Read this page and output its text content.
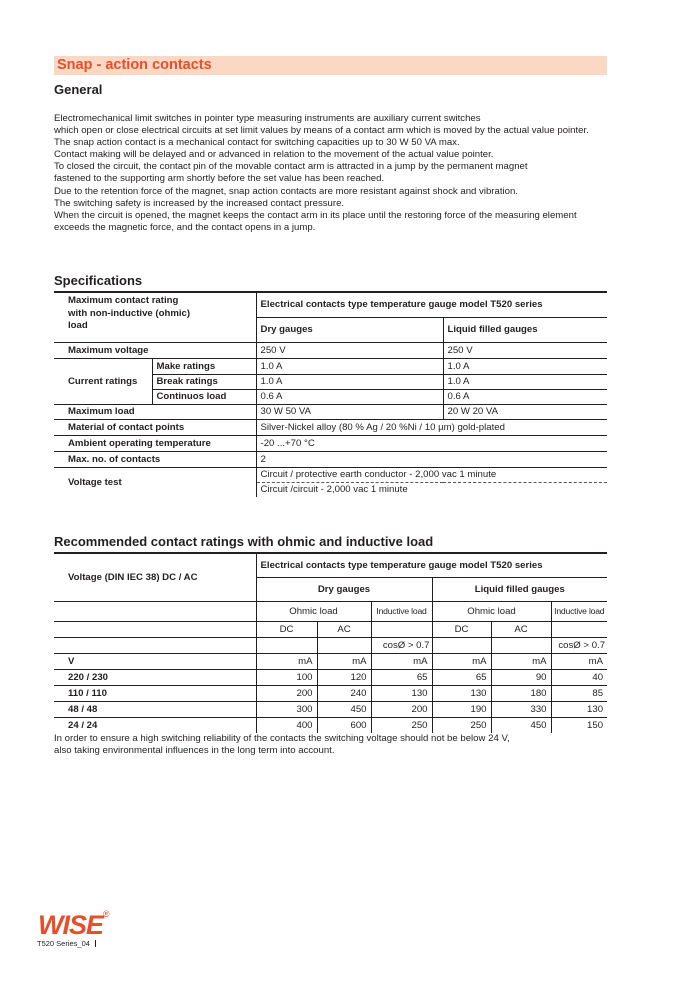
Snap - action contacts
General

Electromechanical limit switches in pointer type measuring instruments are auxiliary current switches

which open or close electrical circuits at set limit values by means of a contact arm which is moved by the actual value pointer.

The snap action contact is a mechanical contact for switching capacities up to 30 W 50 VA max.

Contact making will be delayed and or advanced in relation to the movement of the actual value pointer.

To closed the circuit, the contact pin of the movable contact arm is attracted in a jump by the permanent magnet

fastened to the supporting arm shortly before the set value has been reached.

Due to the retention force of the magnet, snap action contacts are more resistant against shock and vibration.

The switching safety is increased by the increased contact pressure.

When the circuit is opened, the magnet keeps the contact arm in its place until the restoring force of the measuring element exceeds the magnetic force, and the contact opens in a jump.

Specifications
Maximum contact rating with non-inductive (ohmic) load		Electrical contacts type temperature gauge model T520 series	
		Dry gauges	Liquid filled gauges
Maximum voltage		250 V	250 V
Current ratings	Make ratings	1.0 A	1.0 A
	Break ratings	1.0 A	1.0 A
	Continuos load	0.6 A	0.6 A
Maximum load		30 W 50 VA	20 W 20 VA
Material of contact points		Silver-Nickel alloy (80 % Ag / 20 %Ni / 10 µm) gold-plated	
Ambient operating temperature		-20 ...+70 °C	
Max. no. of contacts		2	
Voltage test		Circuit / protective earth conductor - 2,000 vac 1 minute	
		Circuit /circuit - 2,000 vac 1 minute	
Recommended contact ratings with ohmic and inductive load
Voltage (DIN IEC 38) DC / AC	Electrical contacts type temperature gauge model T520 series					
	Dry gauges			Liquid filled gauges		
	Ohmic load		Inductive load	Ohmic load		Inductive load
	DC	AC		DC	AC	
			cosØ > 0.7			cosØ > 0.7
V	mA	mA	mA	mA	mA	mA
220 / 230	100	120	65	65	90	40
110 / 110	200	240	130	130	180	85
48 / 48	300	450	200	190	330	130
24 / 24	400	600	250	250	450	150

In order to ensure a high switching reliability of the contacts the switching voltage should not be below 24 V,

also taking environmental influences in the long term into account.

WISE ®
T520 Series_04
